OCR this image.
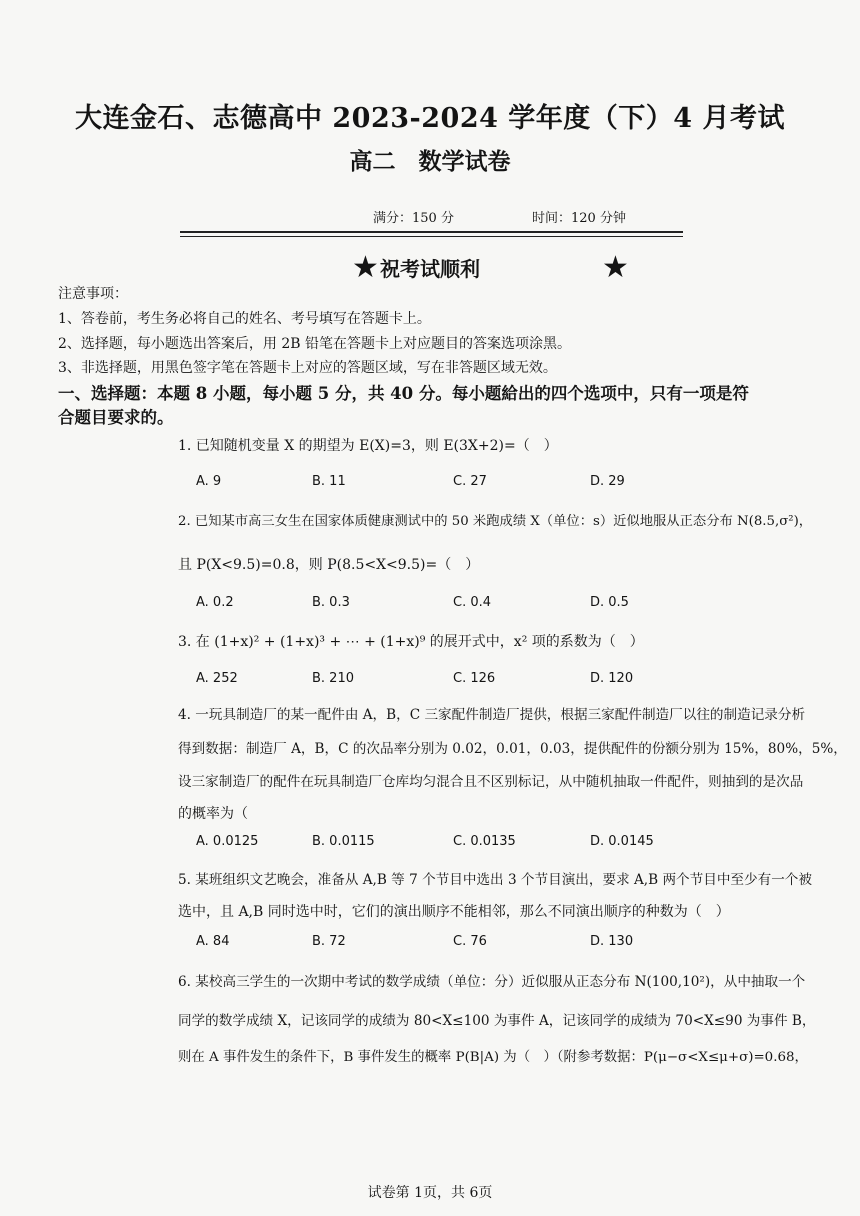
大连金石、志德高中 2023-2024 学年度（下）4 月考试
高二　数学试卷
满分：150 分	时间：120 分钟
★ 祝考试顺利	★
注意事项：
1、答卷前，考生务必将自己的姓名、考号填写在答题卡上。
2、选择题，每小题选出答案后，用 2B 铅笔在答题卡上对应题目的答案选项涂黑。
3、非选择题，用黑色签字笔在答题卡上对应的答题区域，写在非答题区域无效。
一、选择题：本题 8 小题，每小题 5 分，共 40 分。每小题給出的四个选项中，只有一项是符
合题目要求的。
1. 已知随机变量 X 的期望为 E(X)=3，则 E(3X+2)=（　）
A. 9	B. 11	C. 27	D. 29
2. 已知某市高三女生在国家体质健康测试中的 50 米跑成绩 X（单位：s）近似地服从正态分布 N(8.5,σ²)，
且 P(X<9.5)=0.8，则 P(8.5<X<9.5)=（　）
A. 0.2	B. 0.3	C. 0.4	D. 0.5
3. 在 (1+x)² + (1+x)³ + ⋯ + (1+x)⁹ 的展开式中，x² 项的系数为（　）
A. 252	B. 210	C. 126	D. 120
4. 一玩具制造厂的某一配件由 A，B，C 三家配件制造厂提供，根据三家配件制造厂以往的制造记录分析
得到数据：制造厂 A，B，C 的次品率分别为 0.02，0.01，0.03，提供配件的份额分别为 15%，80%，5%，
设三家制造厂的配件在玩具制造厂仓库均匀混合且不区别标记，从中随机抽取一件配件，则抽到的是次品
的概率为（
A. 0.0125	B. 0.0115	C. 0.0135	D. 0.0145
5. 某班组织文艺晚会，准备从 A,B 等 7 个节目中选出 3 个节目演出，要求 A,B 两个节目中至少有一个被
选中，且 A,B 同时选中时，它们的演出顺序不能相邻，那么不同演出顺序的种数为（　）
A. 84	B. 72	C. 76	D. 130
6. 某校高三学生的一次期中考试的数学成绩（单位：分）近似服从正态分布 N(100,10²)，从中抽取一个
同学的数学成绩 X，记该同学的成绩为 80<X≤100 为事件 A，记该同学的成绩为 70<X≤90 为事件 B，
则在 A 事件发生的条件下，B 事件发生的概率 P(B|A) 为（　）（附参考数据：P(μ−σ<X≤μ+σ)=0.68，
试卷第 1页，共 6页
